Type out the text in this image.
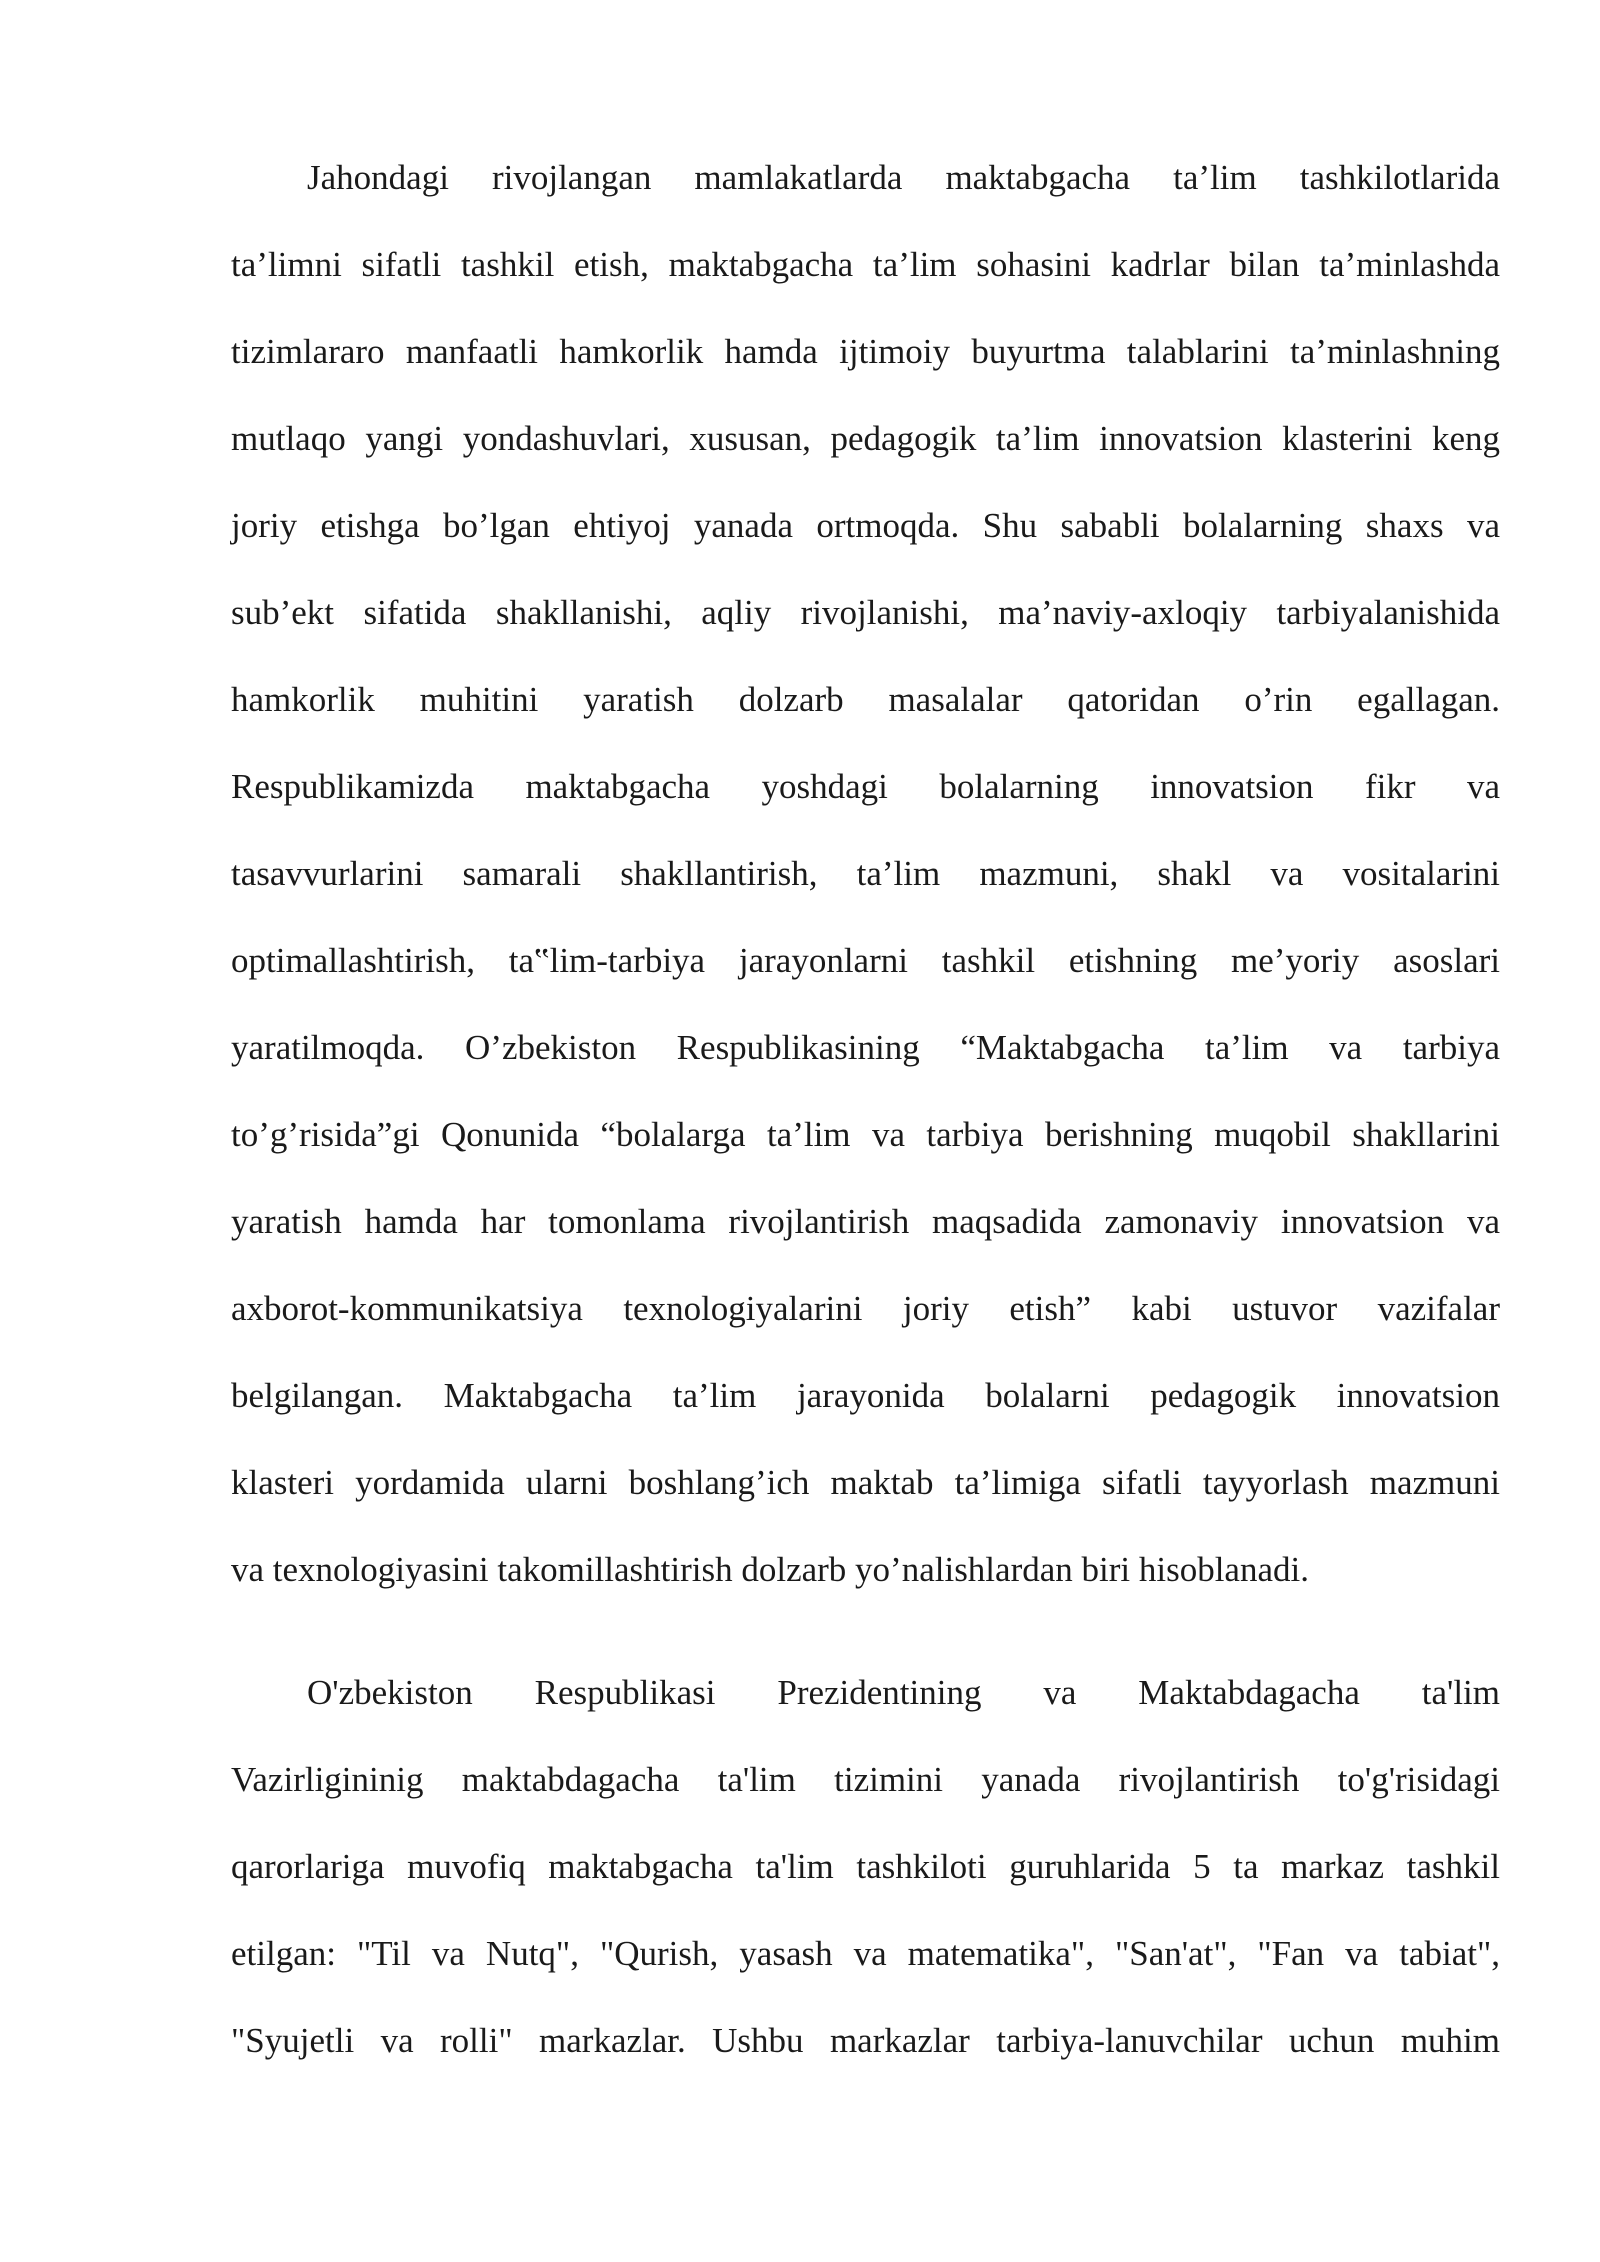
Jahondagi rivojlangan mamlakatlarda maktabgacha ta’lim tashkilotlarida
ta’limni sifatli tashkil etish, maktabgacha ta’lim sohasini kadrlar bilan ta’minlashda
tizimlararo manfaatli hamkorlik hamda ijtimoiy buyurtma talablarini ta’minlashning
mutlaqo yangi yondashuvlari, xususan, pedagogik ta’lim innovatsion klasterini keng
joriy etishga bo’lgan ehtiyoj yanada ortmoqda. Shu sababli bolalarning shaxs va
sub’ekt sifatida shakllanishi, aqliy rivojlanishi, ma’naviy-axloqiy tarbiyalanishida
hamkorlik muhitini yaratish dolzarb masalalar qatoridan o’rin egallagan.
Respublikamizda maktabgacha yoshdagi bolalarning innovatsion fikr va
tasavvurlarini samarali shakllantirish, ta’lim mazmuni, shakl va vositalarini
optimallashtirish, ta‟lim-tarbiya jarayonlarni tashkil etishning me’yoriy asoslari
yaratilmoqda. O’zbekiston Respublikasining “Maktabgacha ta’lim va tarbiya
to’g’risida”gi Qonunida “bolalarga ta’lim va tarbiya berishning muqobil shakllarini
yaratish hamda har tomonlama rivojlantirish maqsadida zamonaviy innovatsion va
axborot-kommunikatsiya texnologiyalarini joriy etish” kabi ustuvor vazifalar
belgilangan. Maktabgacha ta’lim jarayonida bolalarni pedagogik innovatsion
klasteri yordamida ularni boshlang’ich maktab ta’limiga sifatli tayyorlash mazmuni
va texnologiyasini takomillashtirish dolzarb yo’nalishlardan biri hisoblanadi.
O'zbekiston Respublikasi Prezidentining va Maktabdagacha ta'lim
Vazirligininig maktabdagacha ta'lim tizimini yanada rivojlantirish to'g'risidagi
qarorlariga muvofiq maktabgacha ta'lim tashkiloti guruhlarida 5 ta markaz tashkil
etilgan: "Til va Nutq", "Qurish, yasash va matematika", "San'at", "Fan va tabiat",
"Syujetli va rolli" markazlar. Ushbu markazlar tarbiya-lanuvchilar uchun muhim
